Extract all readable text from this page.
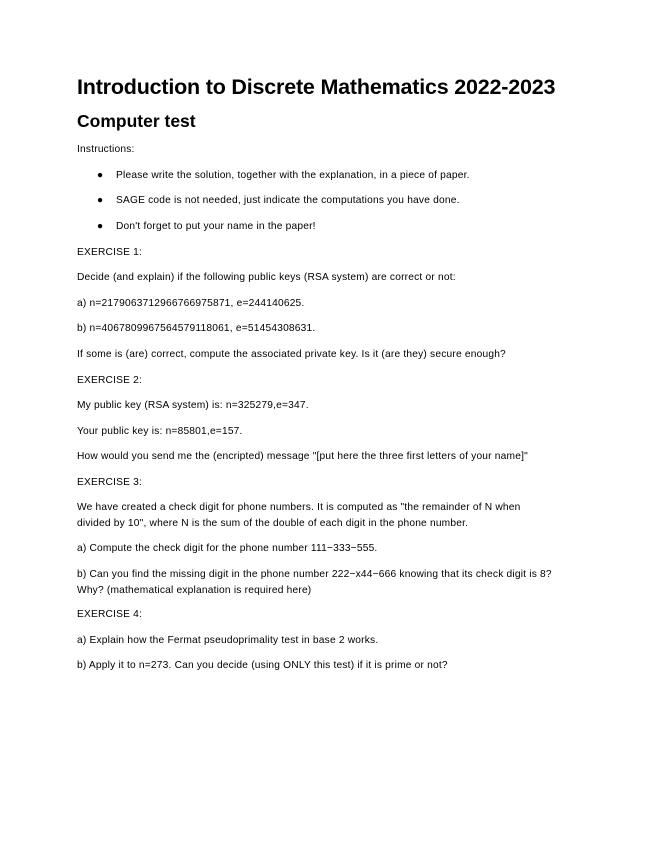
Introduction to Discrete Mathematics 2022-2023
Computer test

Instructions:

● Please write the solution, together with the explanation, in a piece of paper.
● SAGE code is not needed, just indicate the computations you have done.
● Don't forget to put your name in the paper!

EXERCISE 1:

Decide (and explain) if the following public keys (RSA system) are correct or not:

a) n=2179063712966766975871, e=244140625.

b) n=4067809967564579118061, e=51454308631.

If some is (are) correct, compute the associated private key. Is it (are they) secure enough?

EXERCISE 2:

My public key (RSA system) is: n=325279,e=347.

Your public key is: n=85801,e=157.

How would you send me the (encripted) message "[put here the three first letters of your name]"

EXERCISE 3:

We have created a check digit for phone numbers. It is computed as "the remainder of N when divided by 10", where N is the sum of the double of each digit in the phone number.

a) Compute the check digit for the phone number 111−333−555.

b) Can you find the missing digit in the phone number 222−x44−666 knowing that its check digit is 8? Why? (mathematical explanation is required here)

EXERCISE 4:

a) Explain how the Fermat pseudoprimality test in base 2 works.

b) Apply it to n=273. Can you decide (using ONLY this test) if it is prime or not?
